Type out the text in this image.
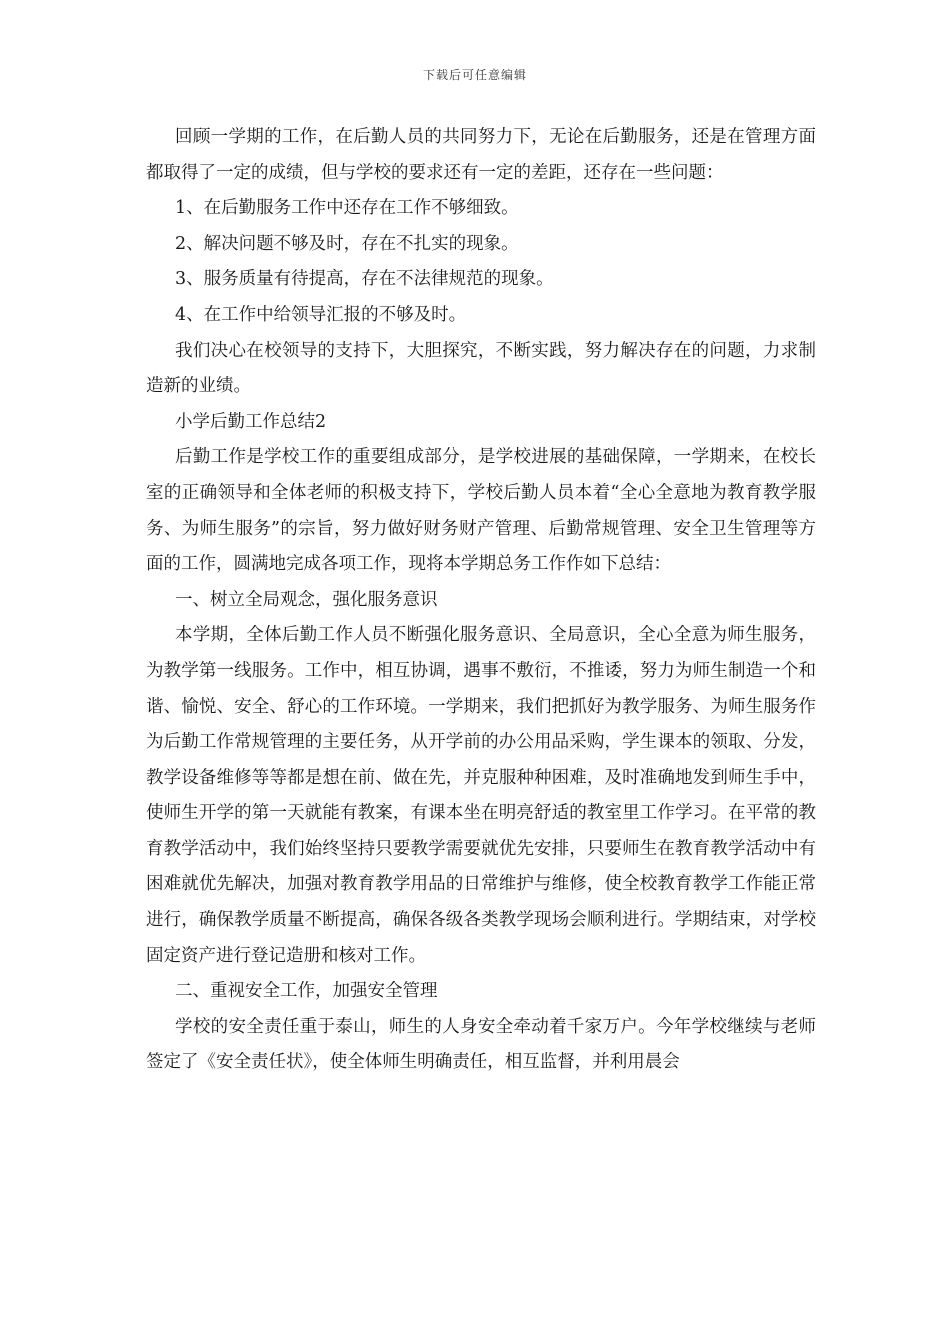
下载后可任意编辑

回顾一学期的工作，在后勤人员的共同努力下，无论在后勤服务，还是在管理方面都取得了一定的成绩，但与学校的要求还有一定的差距，还存在一些问题：

1、在后勤服务工作中还存在工作不够细致。

2、解决问题不够及时，存在不扎实的现象。

3、服务质量有待提高，存在不法律规范的现象。

4、在工作中给领导汇报的不够及时。

我们决心在校领导的支持下，大胆探究，不断实践，努力解决存在的问题，力求制造新的业绩。

小学后勤工作总结2

后勤工作是学校工作的重要组成部分，是学校进展的基础保障，一学期来，在校长室的正确领导和全体老师的积极支持下，学校后勤人员本着“全心全意地为教育教学服务、为师生服务”的宗旨，努力做好财务财产管理、后勤常规管理、安全卫生管理等方面的工作，圆满地完成各项工作，现将本学期总务工作作如下总结：

一、树立全局观念，强化服务意识

本学期，全体后勤工作人员不断强化服务意识、全局意识，全心全意为师生服务，为教学第一线服务。工作中，相互协调，遇事不敷衍，不推诿，努力为师生制造一个和谐、愉悦、安全、舒心的工作环境。一学期来，我们把抓好为教学服务、为师生服务作为后勤工作常规管理的主要任务，从开学前的办公用品采购，学生课本的领取、分发，教学设备维修等等都是想在前、做在先，并克服种种困难，及时准确地发到师生手中，使师生开学的第一天就能有教案，有课本坐在明亮舒适的教室里工作学习。在平常的教育教学活动中，我们始终坚持只要教学需要就优先安排，只要师生在教育教学活动中有困难就优先解决，加强对教育教学用品的日常维护与维修，使全校教育教学工作能正常进行，确保教学质量不断提高，确保各级各类教学现场会顺利进行。学期结束，对学校固定资产进行登记造册和核对工作。

二、重视安全工作，加强安全管理

学校的安全责任重于泰山，师生的人身安全牵动着千家万户。今年学校继续与老师签定了《安全责任状》，使全体师生明确责任，相互监督，并利用晨会
